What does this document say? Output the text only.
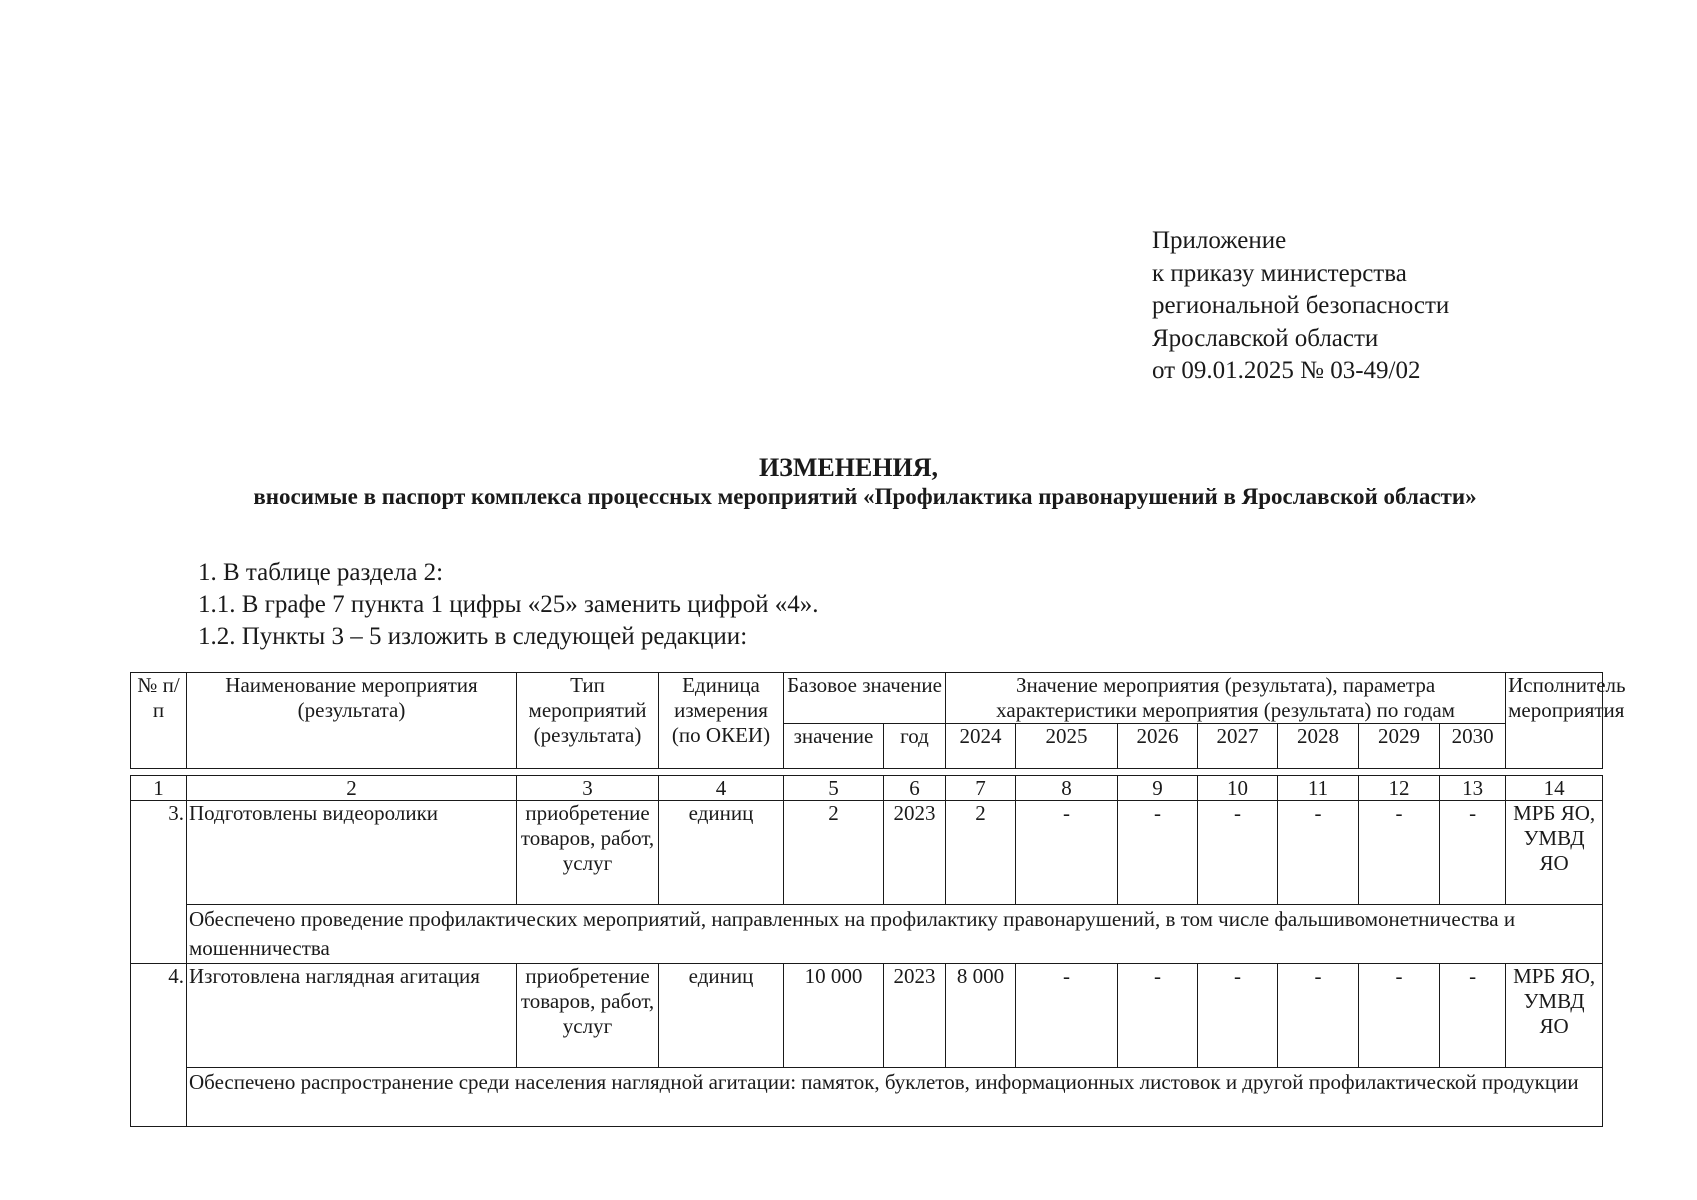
Приложение
к приказу министерства
региональной безопасности
Ярославской области
от 09.01.2025 № 03-49/02
ИЗМЕНЕНИЯ,
вносимые в паспорт комплекса процессных мероприятий «Профилактика правонарушений в Ярославской области»
1. В таблице раздела 2:
1.1. В графе 7 пункта 1 цифры «25» заменить цифрой «4».
1.2. Пункты 3 – 5 изложить в следующей редакции:
№ п/п	Наименование мероприятия (результата)	Тип мероприятий (результата)	Единица измерения (по ОКЕИ)	Базовое значение		Значение мероприятия (результата), параметра характеристики мероприятия (результата) по годам							Исполнитель мероприятия
				значение	год	2024	2025	2026	2027	2028	2029	2030	

1	2	3	4	5	6	7	8	9	10	11	12	13	14
3.	Подготовлены видеоролики	приобретение товаров, работ, услуг	единиц	2	2023	2	-	-	-	-	-	-	МРБ ЯО, УМВД ЯО
	Обеспечено проведение профилактических мероприятий, направленных на профилактику правонарушений, в том числе фальшивомонетничества и мошенничества												
4.	Изготовлена наглядная агитация	приобретение товаров, работ, услуг	единиц	10 000	2023	8 000	-	-	-	-	-	-	МРБ ЯО, УМВД ЯО
	Обеспечено распространение среди населения наглядной агитации: памяток, буклетов, информационных листовок и другой профилактической продукции												
